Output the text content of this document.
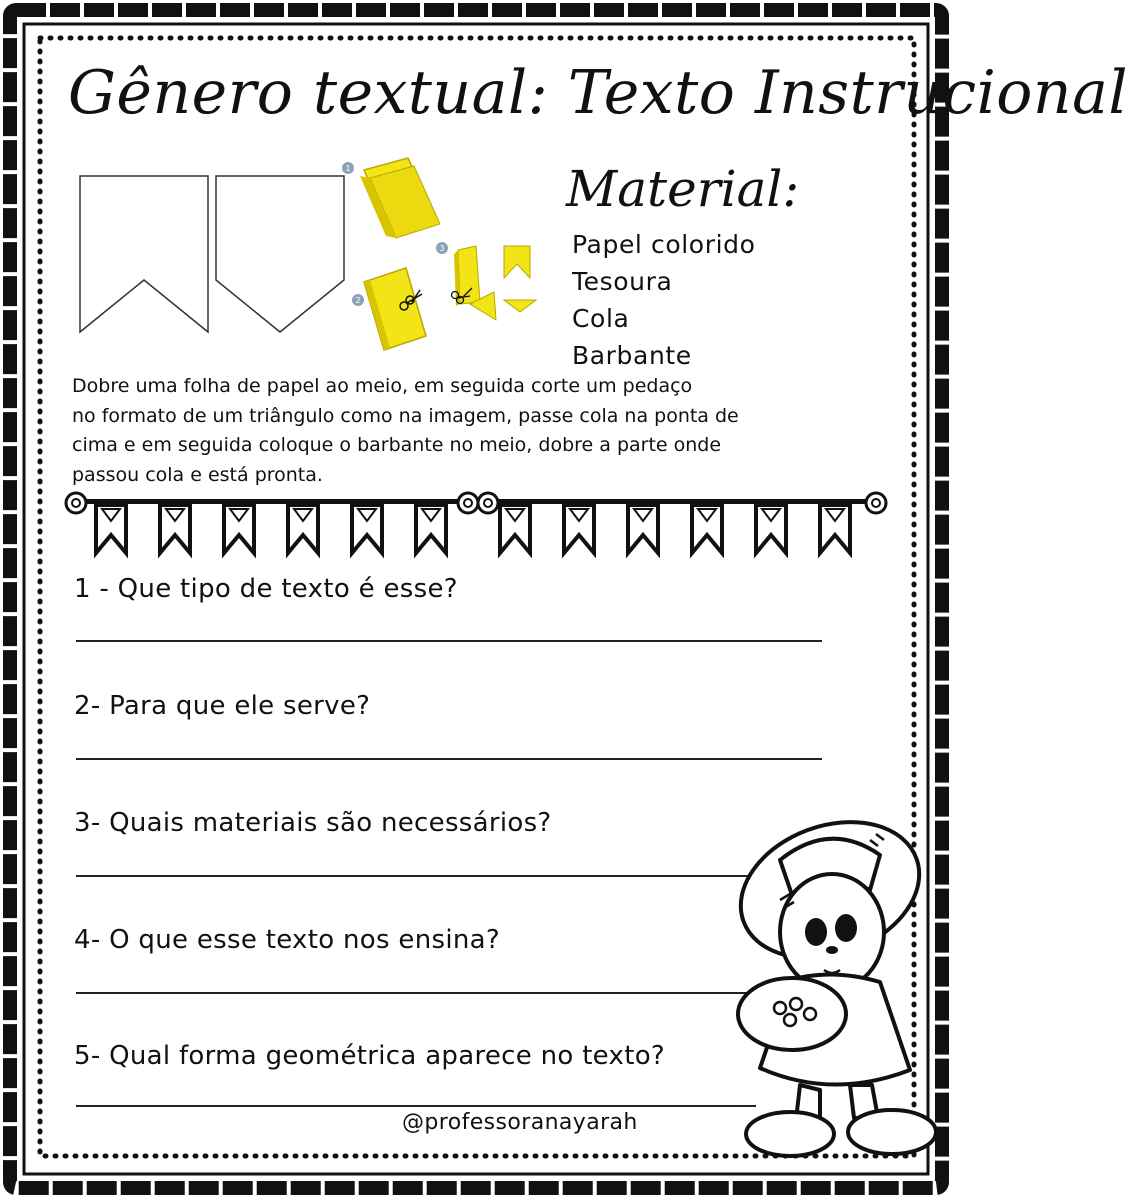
Gênero textual: Texto Instrucional
1
2
3
Material:
Papel colorido
Tesoura
Cola
Barbante

Dobre uma folha de papel ao meio, em seguida corte um pedaço
no formato de um triângulo como na imagem, passe cola na ponta de
cima e em seguida coloque o barbante no meio, dobre a parte onde
passou cola e está pronta.

1 - Que tipo de texto é esse?
2- Para que ele serve?
3- Quais materiais são necessários?
4- O que esse texto nos ensina?
5- Qual forma geométrica aparece no texto?
@professoranayarah
